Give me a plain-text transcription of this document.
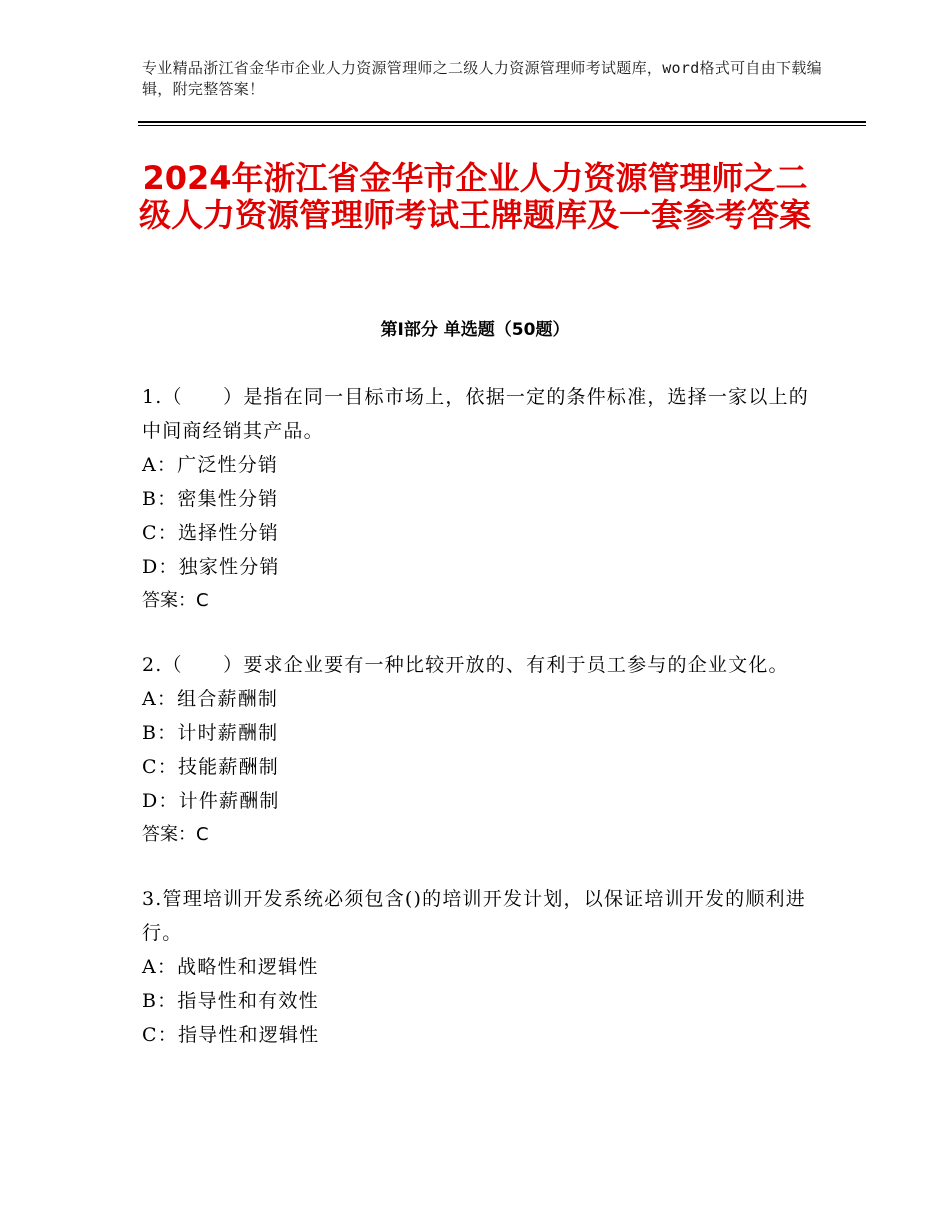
专业精品浙江省金华市企业人力资源管理师之二级人力资源管理师考试题库，word格式可自由下载编辑，附完整答案！
2024年浙江省金华市企业人力资源管理师之二级人力资源管理师考试王牌题库及一套参考答案
第Ⅰ部分 单选题（50题）
1.（　　）是指在同一目标市场上，依据一定的条件标准，选择一家以上的中间商经销其产品。
A：广泛性分销
B：密集性分销
C：选择性分销
D：独家性分销
答案：C
2.（　　）要求企业要有一种比较开放的、有利于员工参与的企业文化。
A：组合薪酬制
B：计时薪酬制
C：技能薪酬制
D：计件薪酬制
答案：C
3.管理培训开发系统必须包含()的培训开发计划，以保证培训开发的顺利进行。
A：战略性和逻辑性
B：指导性和有效性
C：指导性和逻辑性
